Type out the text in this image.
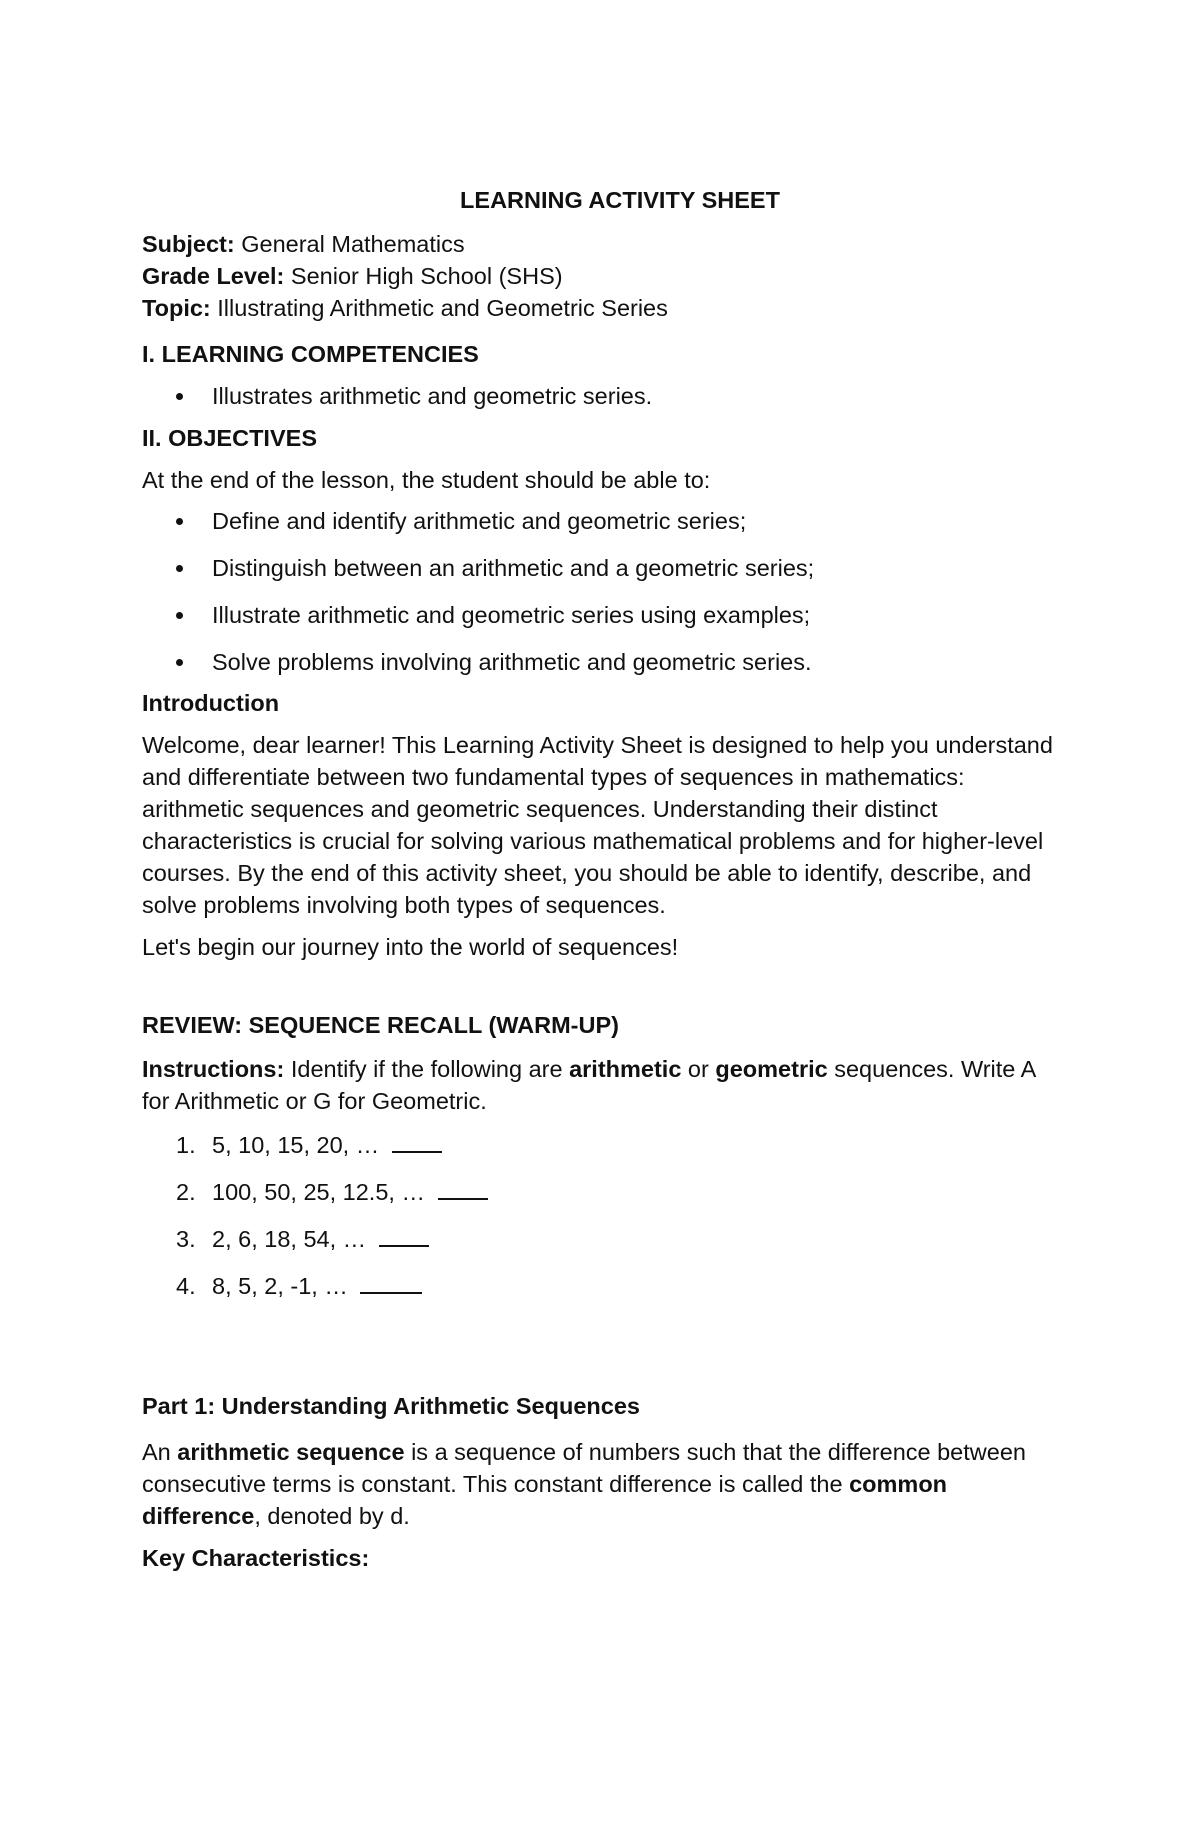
LEARNING ACTIVITY SHEET

Subject: General Mathematics

Grade Level: Senior High School (SHS)

Topic: Illustrating Arithmetic and Geometric Series

I. LEARNING COMPETENCIES
Illustrates arithmetic and geometric series.
II. OBJECTIVES

At the end of the lesson, the student should be able to:

Define and identify arithmetic and geometric series;
Distinguish between an arithmetic and a geometric series;
Illustrate arithmetic and geometric series using examples;
Solve problems involving arithmetic and geometric series.
Introduction

Welcome, dear learner! This Learning Activity Sheet is designed to help you understand and differentiate between two fundamental types of sequences in mathematics: arithmetic sequences and geometric sequences. Understanding their distinct characteristics is crucial for solving various mathematical problems and for higher-level courses. By the end of this activity sheet, you should be able to identify, describe, and solve problems involving both types of sequences.

Let's begin our journey into the world of sequences!

REVIEW: SEQUENCE RECALL (WARM-UP)

Instructions: Identify if the following are arithmetic or geometric sequences. Write A for Arithmetic or G for Geometric.

1. 5, 10, 15, 20, …
2. 100, 50, 25, 12.5, …
3. 2, 6, 18, 54, …
4. 8, 5, 2, -1, …
Part 1: Understanding Arithmetic Sequences

An arithmetic sequence is a sequence of numbers such that the difference between consecutive terms is constant. This constant difference is called the common difference, denoted by d.

Key Characteristics:
